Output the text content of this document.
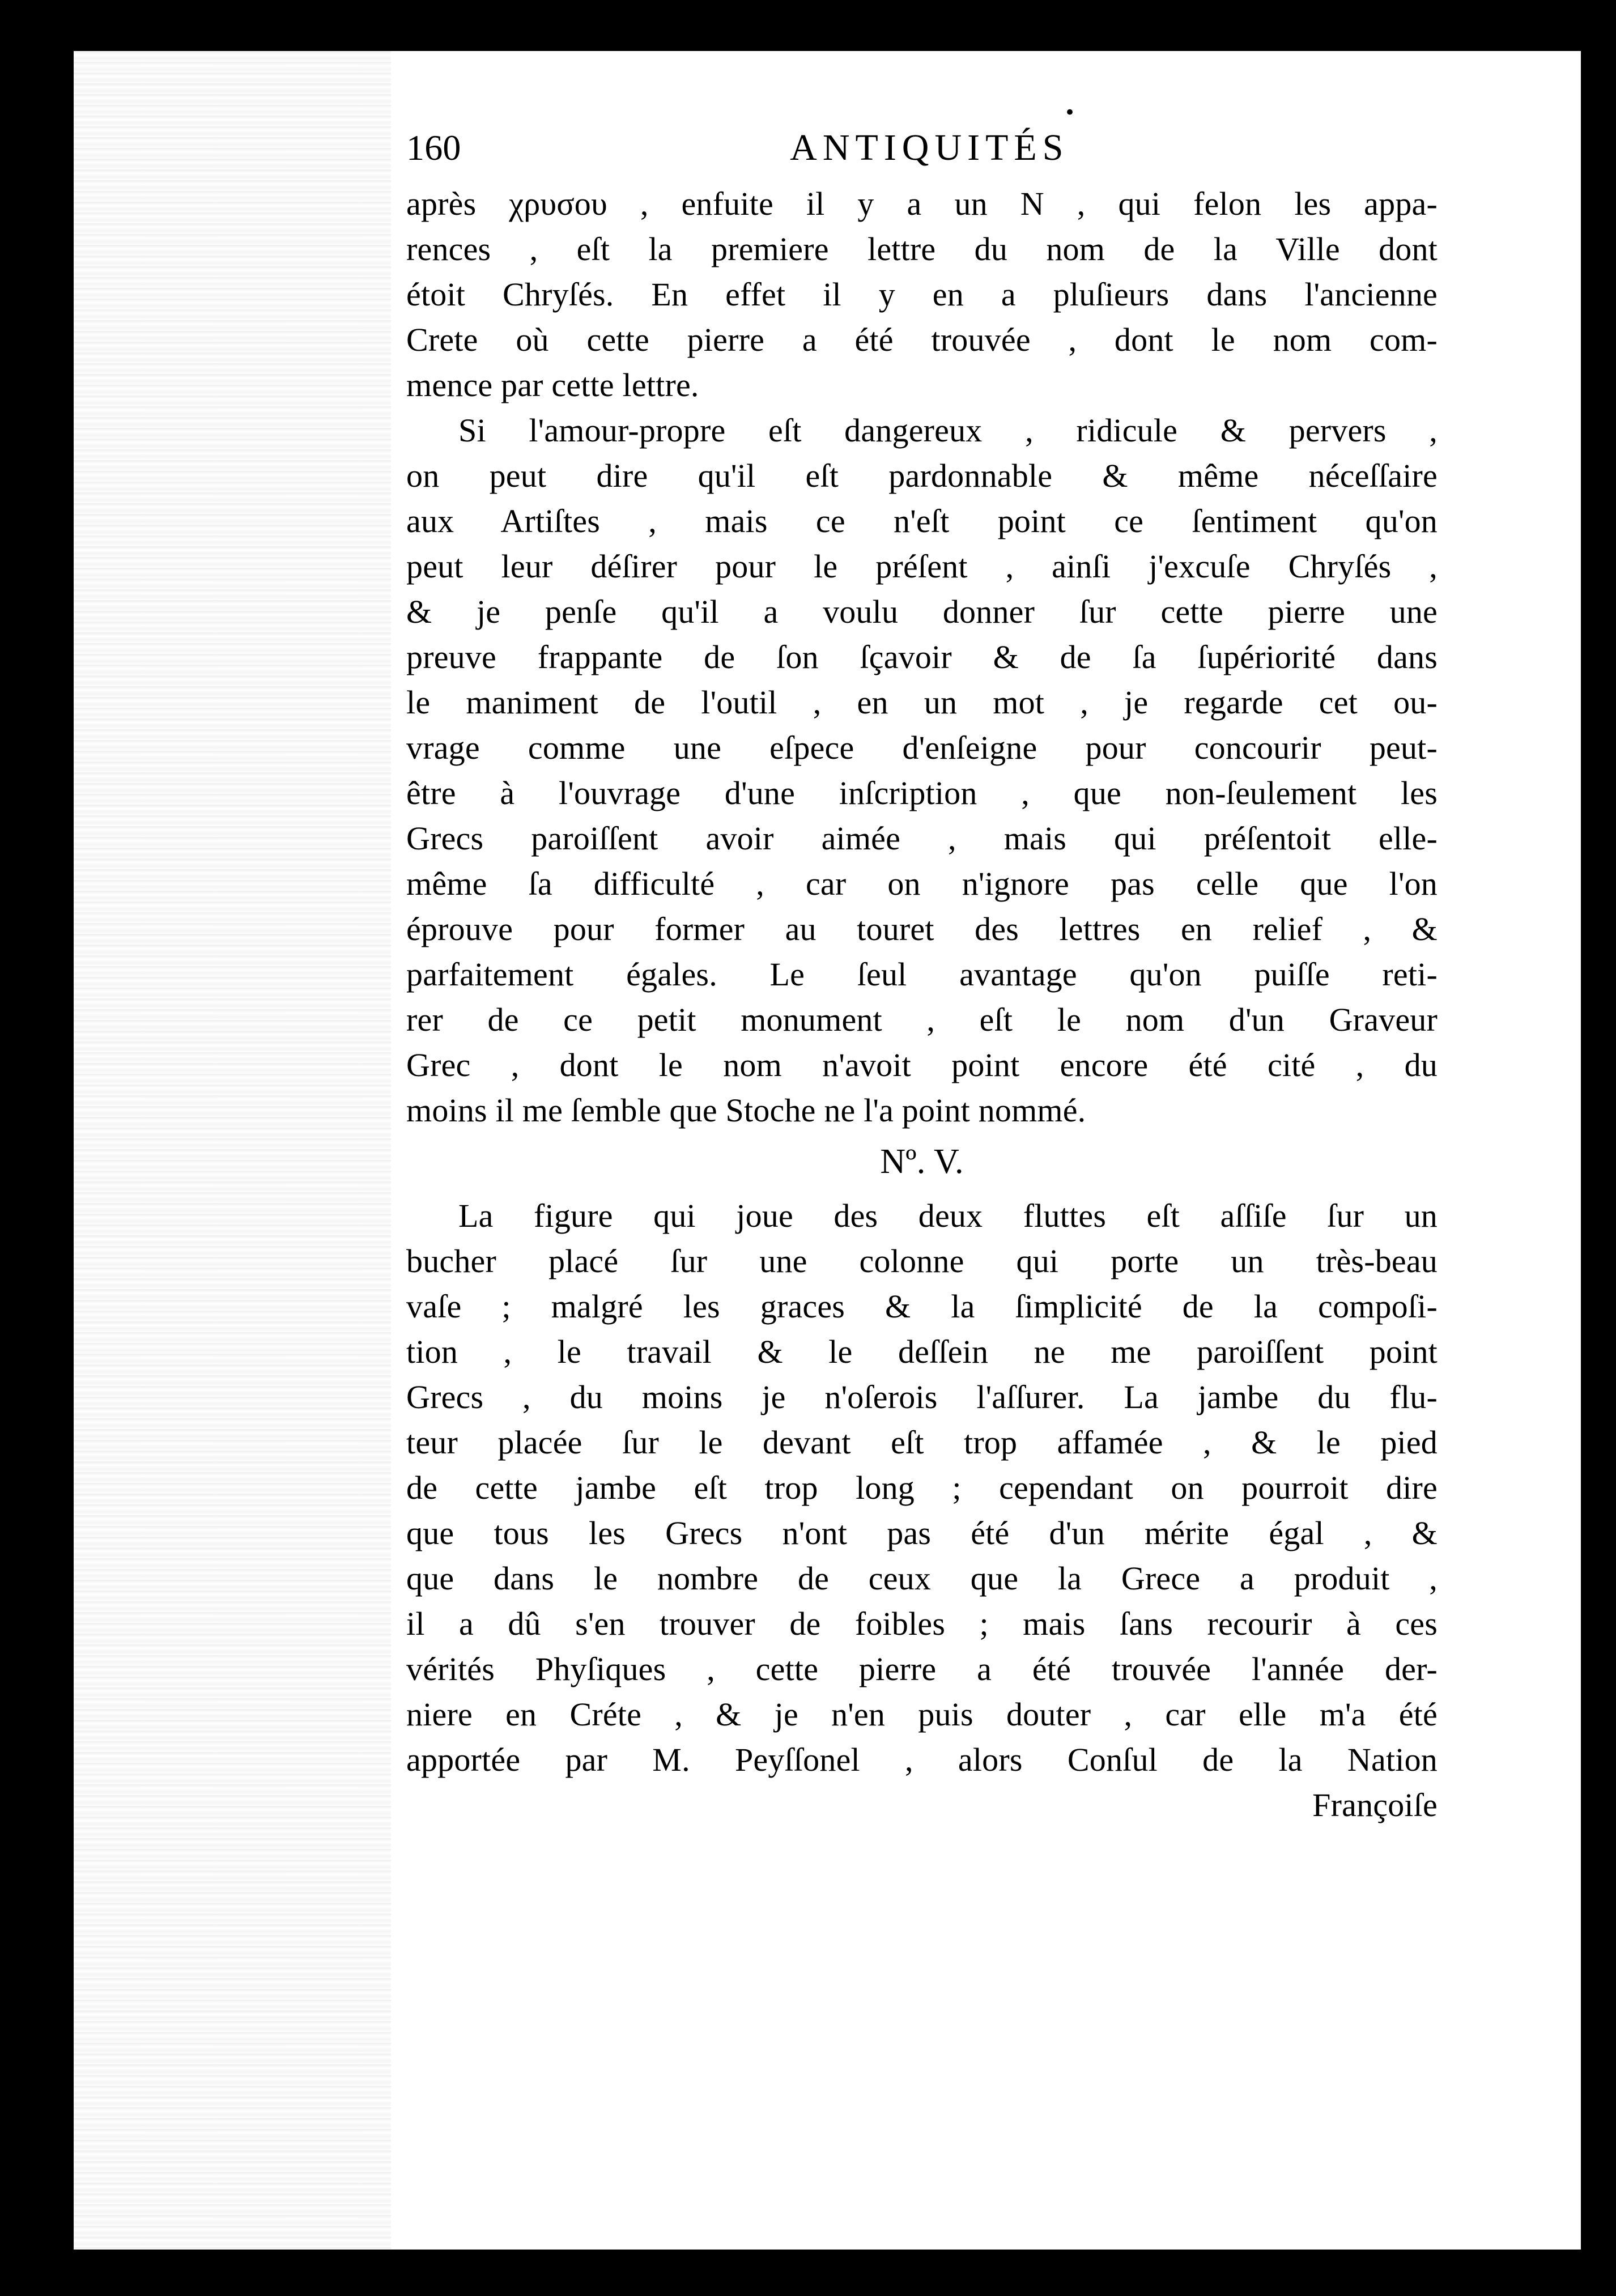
•
160	ANTIQUITÉS
après χρυσου , enfuite il y a un N , qui felon les appa-
rences , eſt la premiere lettre du nom de la Ville dont
étoit Chryſés. En effet il y en a pluſieurs dans l'ancienne
Crete où cette pierre a été trouvée , dont le nom com-
mence par cette lettre.
Si l'amour-propre eſt dangereux , ridicule & pervers ,
on peut dire qu'il eſt pardonnable & même néceſſaire
aux Artiſtes , mais ce n'eſt point ce ſentiment qu'on
peut leur déſirer pour le préſent , ainſi j'excuſe Chryſés ,
& je penſe qu'il a voulu donner ſur cette pierre une
preuve frappante de ſon ſçavoir & de ſa ſupériorité dans
le maniment de l'outil , en un mot , je regarde cet ou-
vrage comme une eſpece d'enſeigne pour concourir peut-
être à l'ouvrage d'une inſcription , que non-ſeulement les
Grecs paroiſſent avoir aimée , mais qui préſentoit elle-
même ſa difficulté , car on n'ignore pas celle que l'on
éprouve pour former au touret des lettres en relief , &
parfaitement égales. Le ſeul avantage qu'on puiſſe reti-
rer de ce petit monument , eſt le nom d'un Graveur
Grec , dont le nom n'avoit point encore été cité , du
moins il me ſemble que Stoche ne l'a point nommé.
Nº. V.
La figure qui joue des deux fluttes eſt aſſiſe ſur un
bucher placé ſur une colonne qui porte un très-beau
vaſe ; malgré les graces & la ſimplicité de la compoſi-
tion , le travail & le deſſein ne me paroiſſent point
Grecs , du moins je n'oſerois l'aſſurer. La jambe du flu-
teur placée ſur le devant eſt trop affamée , & le pied
de cette jambe eſt trop long ; cependant on pourroit dire
que tous les Grecs n'ont pas été d'un mérite égal , &
que dans le nombre de ceux que la Grece a produit ,
il a dû s'en trouver de foibles ; mais ſans recourir à ces
vérités Phyſiques , cette pierre a été trouvée l'année der-
niere en Créte , & je n'en puis douter , car elle m'a été
apportée par M. Peyſſonel , alors Conſul de la Nation
Françoiſe
